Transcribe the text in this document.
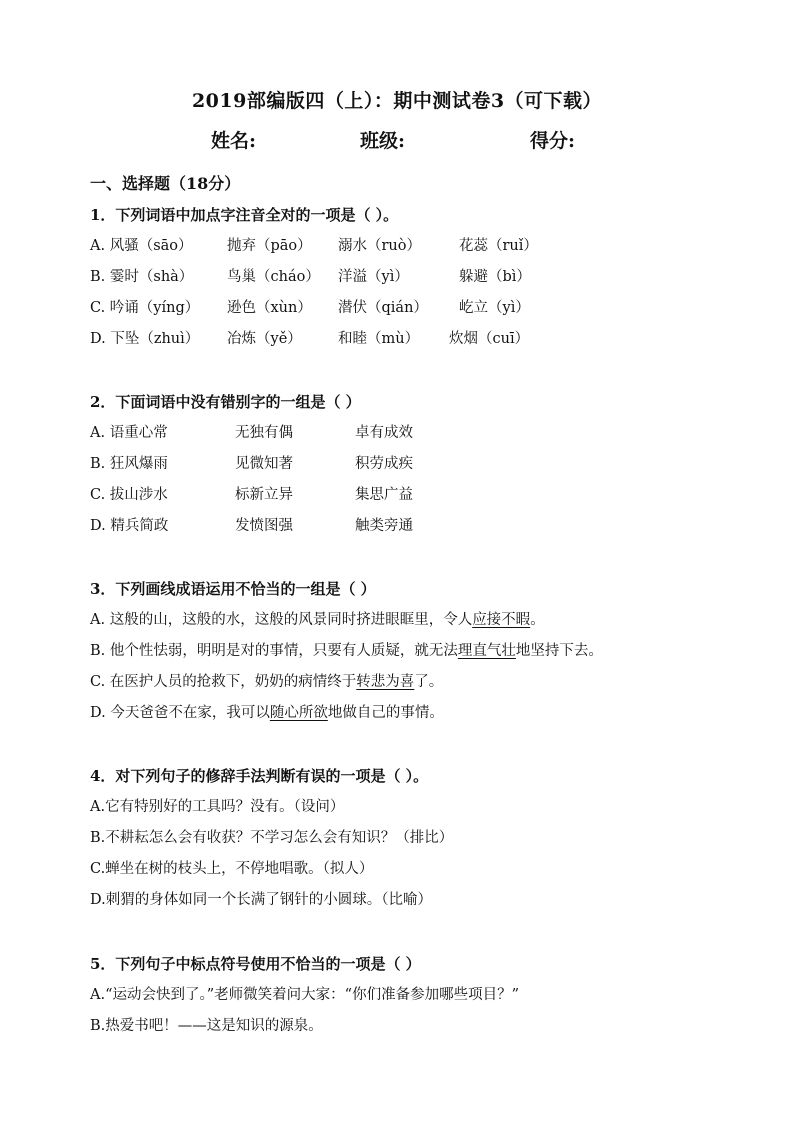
2019部编版四（上）：期中测试卷3（可下载）
姓名:	班级:	得分:
一、选择题（18分）
1．下列词语中加点字注音全对的一项是（ ）。
A. 风骚（sāo） 抛弃（pāo） 溺水（ruò）	花蕊（ruǐ）
B. 霎时（shà） 鸟巢（cháo） 洋溢（yì）	躲避（bì）
C. 吟诵（yíng） 逊色（xùn） 潜伏（qián） 屹立（yì）
D. 下坠（zhuì） 冶炼（yě） 和睦（mù） 炊烟（cuī）
2．下面词语中没有错别字的一组是（ ）
A. 语重心常	无独有偶	卓有成效
B. 狂风爆雨	见微知著	积劳成疾
C. 拔山涉水	标新立异	集思广益
D. 精兵简政	发愤图强	触类旁通
3．下列画线成语运用不恰当的一组是（ ）
A. 这般的山，这般的水，这般的风景同时挤进眼眶里，令人应接不暇。
B. 他个性怯弱，明明是对的事情，只要有人质疑，就无法理直气壮地坚持下去。
C. 在医护人员的抢救下，奶奶的病情终于转悲为喜了。
D. 今天爸爸不在家，我可以随心所欲地做自己的事情。
4．对下列句子的修辞手法判断有误的一项是（ ）。
A.它有特别好的工具吗？没有。（设问）
B.不耕耘怎么会有收获？不学习怎么会有知识？（排比）
C.蝉坐在树的枝头上，不停地唱歌。（拟人）
D.刺猬的身体如同一个长满了钢针的小圆球。（比喻）
5．下列句子中标点符号使用不恰当的一项是（ ）
A.“运动会快到了。”老师微笑着问大家：“你们准备参加哪些项目？”
B.热爱书吧！——这是知识的源泉。
